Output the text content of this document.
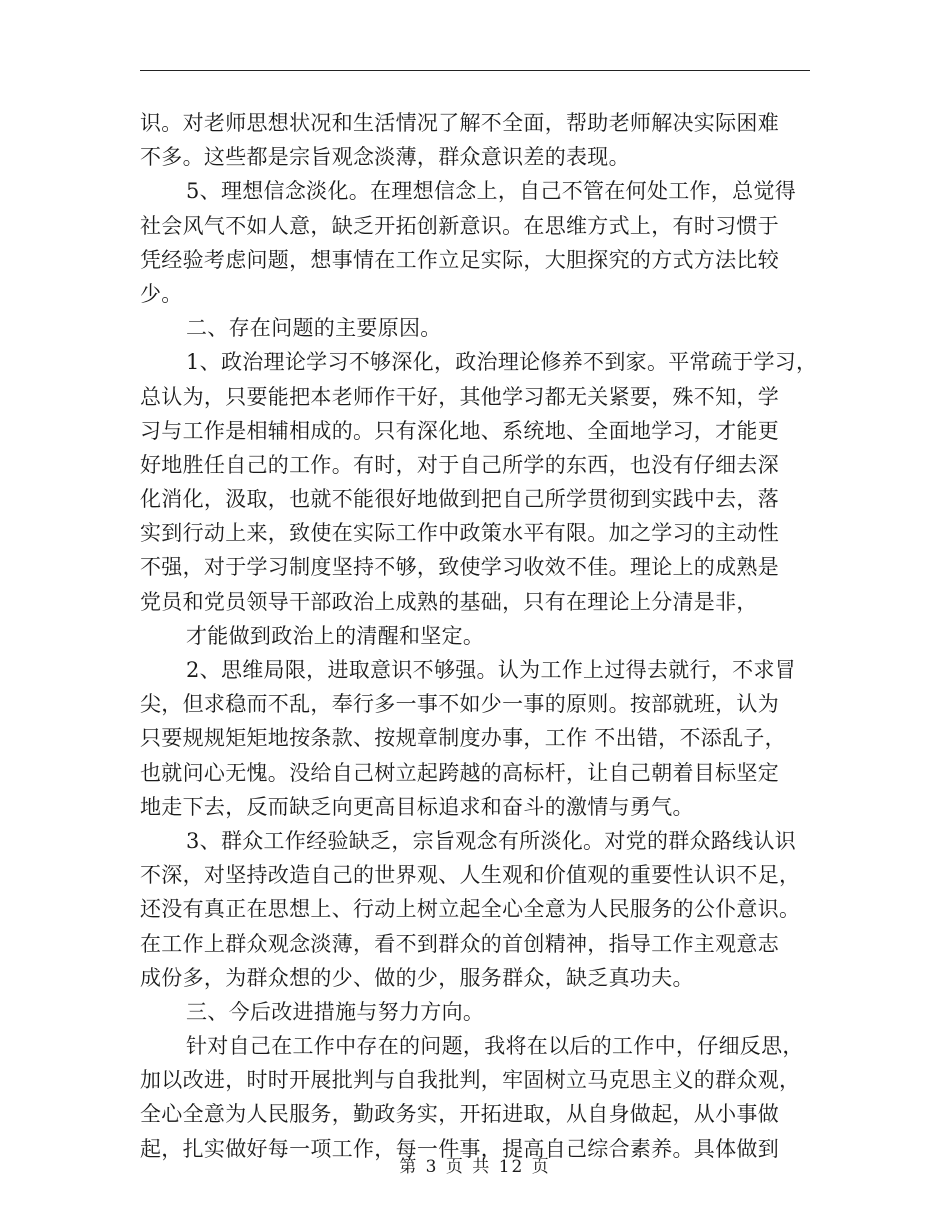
识。对老师思想状况和生活情况了解不全面，帮助老师解决实际困难
不多。这些都是宗旨观念淡薄，群众意识差的表现。
5、理想信念淡化。在理想信念上，自己不管在何处工作，总觉得
社会风气不如人意，缺乏开拓创新意识。在思维方式上，有时习惯于
凭经验考虑问题，想事情在工作立足实际，大胆探究的方式方法比较
少。
二、存在问题的主要原因。
1、政治理论学习不够深化，政治理论修养不到家。平常疏于学习，
总认为，只要能把本老师作干好，其他学习都无关紧要，殊不知，学
习与工作是相辅相成的。只有深化地、系统地、全面地学习，才能更
好地胜任自己的工作。有时，对于自己所学的东西，也没有仔细去深
化消化，汲取，也就不能很好地做到把自己所学贯彻到实践中去，落
实到行动上来，致使在实际工作中政策水平有限。加之学习的主动性
不强，对于学习制度坚持不够，致使学习收效不佳。理论上的成熟是
党员和党员领导干部政治上成熟的基础，只有在理论上分清是非，
才能做到政治上的清醒和坚定。
2、思维局限，进取意识不够强。认为工作上过得去就行，不求冒
尖，但求稳而不乱，奉行多一事不如少一事的原则。按部就班，认为
只要规规矩矩地按条款、按规章制度办事，工作 不出错，不添乱子，
也就问心无愧。没给自己树立起跨越的高标杆，让自己朝着目标坚定
地走下去，反而缺乏向更高目标追求和奋斗的激情与勇气。
3、群众工作经验缺乏，宗旨观念有所淡化。对党的群众路线认识
不深，对坚持改造自己的世界观、人生观和价值观的重要性认识不足，
还没有真正在思想上、行动上树立起全心全意为人民服务的公仆意识。
在工作上群众观念淡薄，看不到群众的首创精神，指导工作主观意志
成份多，为群众想的少、做的少，服务群众，缺乏真功夫。
三、今后改进措施与努力方向。
针对自己在工作中存在的问题，我将在以后的工作中，仔细反思，
加以改进，时时开展批判与自我批判，牢固树立马克思主义的群众观，
全心全意为人民服务，勤政务实，开拓进取，从自身做起，从小事做
起，扎实做好每一项工作，每一件事，提高自己综合素养。具体做到
第 3 页 共 12 页
